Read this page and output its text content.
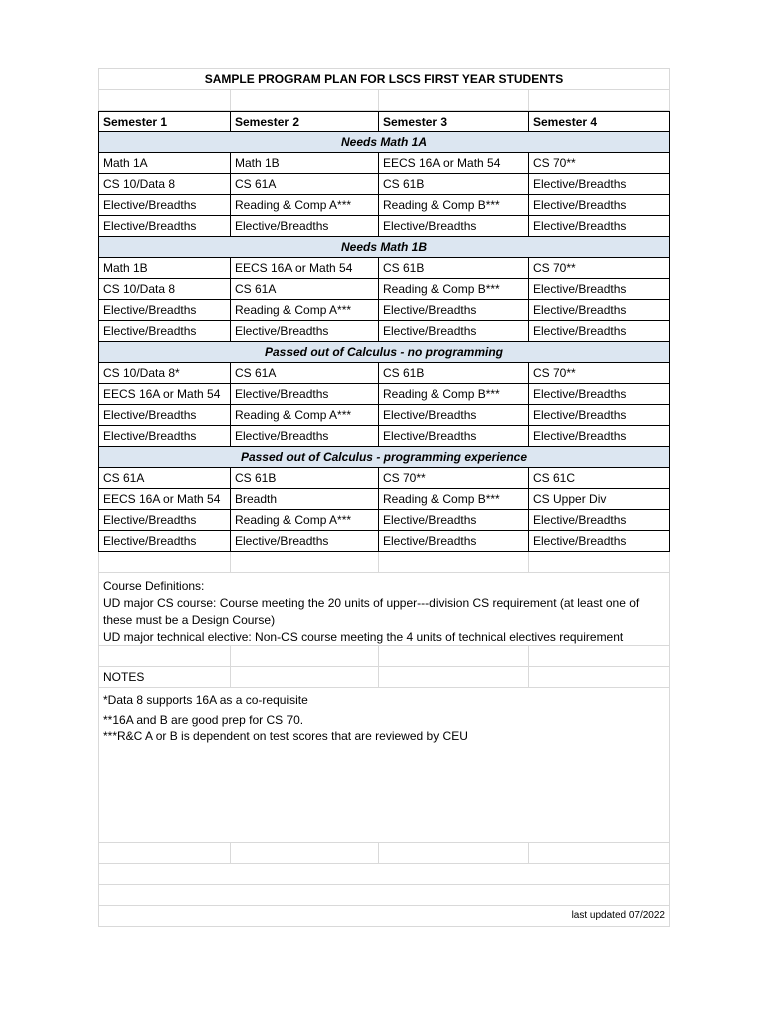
SAMPLE PROGRAM PLAN FOR LSCS FIRST YEAR STUDENTS
Semester 1	Semester 2	Semester 3	Semester 4
Needs Math 1A
Math 1A	Math 1B	EECS 16A or Math 54	CS 70**
CS 10/Data 8	CS 61A	CS 61B	Elective/Breadths
Elective/Breadths	Reading & Comp A***	Reading & Comp B***	Elective/Breadths
Elective/Breadths	Elective/Breadths	Elective/Breadths	Elective/Breadths
Needs Math 1B
Math 1B	EECS 16A or Math 54	CS 61B	CS 70**
CS 10/Data 8	CS 61A	Reading & Comp B***	Elective/Breadths
Elective/Breadths	Reading & Comp A***	Elective/Breadths	Elective/Breadths
Elective/Breadths	Elective/Breadths	Elective/Breadths	Elective/Breadths
Passed out of Calculus - no programming
CS 10/Data 8*	CS 61A	CS 61B	CS 70**
EECS 16A or Math 54	Elective/Breadths	Reading & Comp B***	Elective/Breadths
Elective/Breadths	Reading & Comp A***	Elective/Breadths	Elective/Breadths
Elective/Breadths	Elective/Breadths	Elective/Breadths	Elective/Breadths
Passed out of Calculus - programming experience
CS 61A	CS 61B	CS 70**	CS 61C
EECS 16A or Math 54	Breadth	Reading & Comp B***	CS Upper Div
Elective/Breadths	Reading & Comp A***	Elective/Breadths	Elective/Breadths
Elective/Breadths	Elective/Breadths	Elective/Breadths	Elective/Breadths

Course Definitions:

UD major CS course: Course meeting the 20 units of upper---division CS requirement (at least one of these must be a Design Course)

UD major technical elective: Non-CS course meeting the 4 units of technical electives requirement

NOTES

*Data 8 supports 16A as a co-requisite

**16A and B are good prep for CS 70.

***R&C A or B is dependent on test scores that are reviewed by CEU

last updated 07/2022
